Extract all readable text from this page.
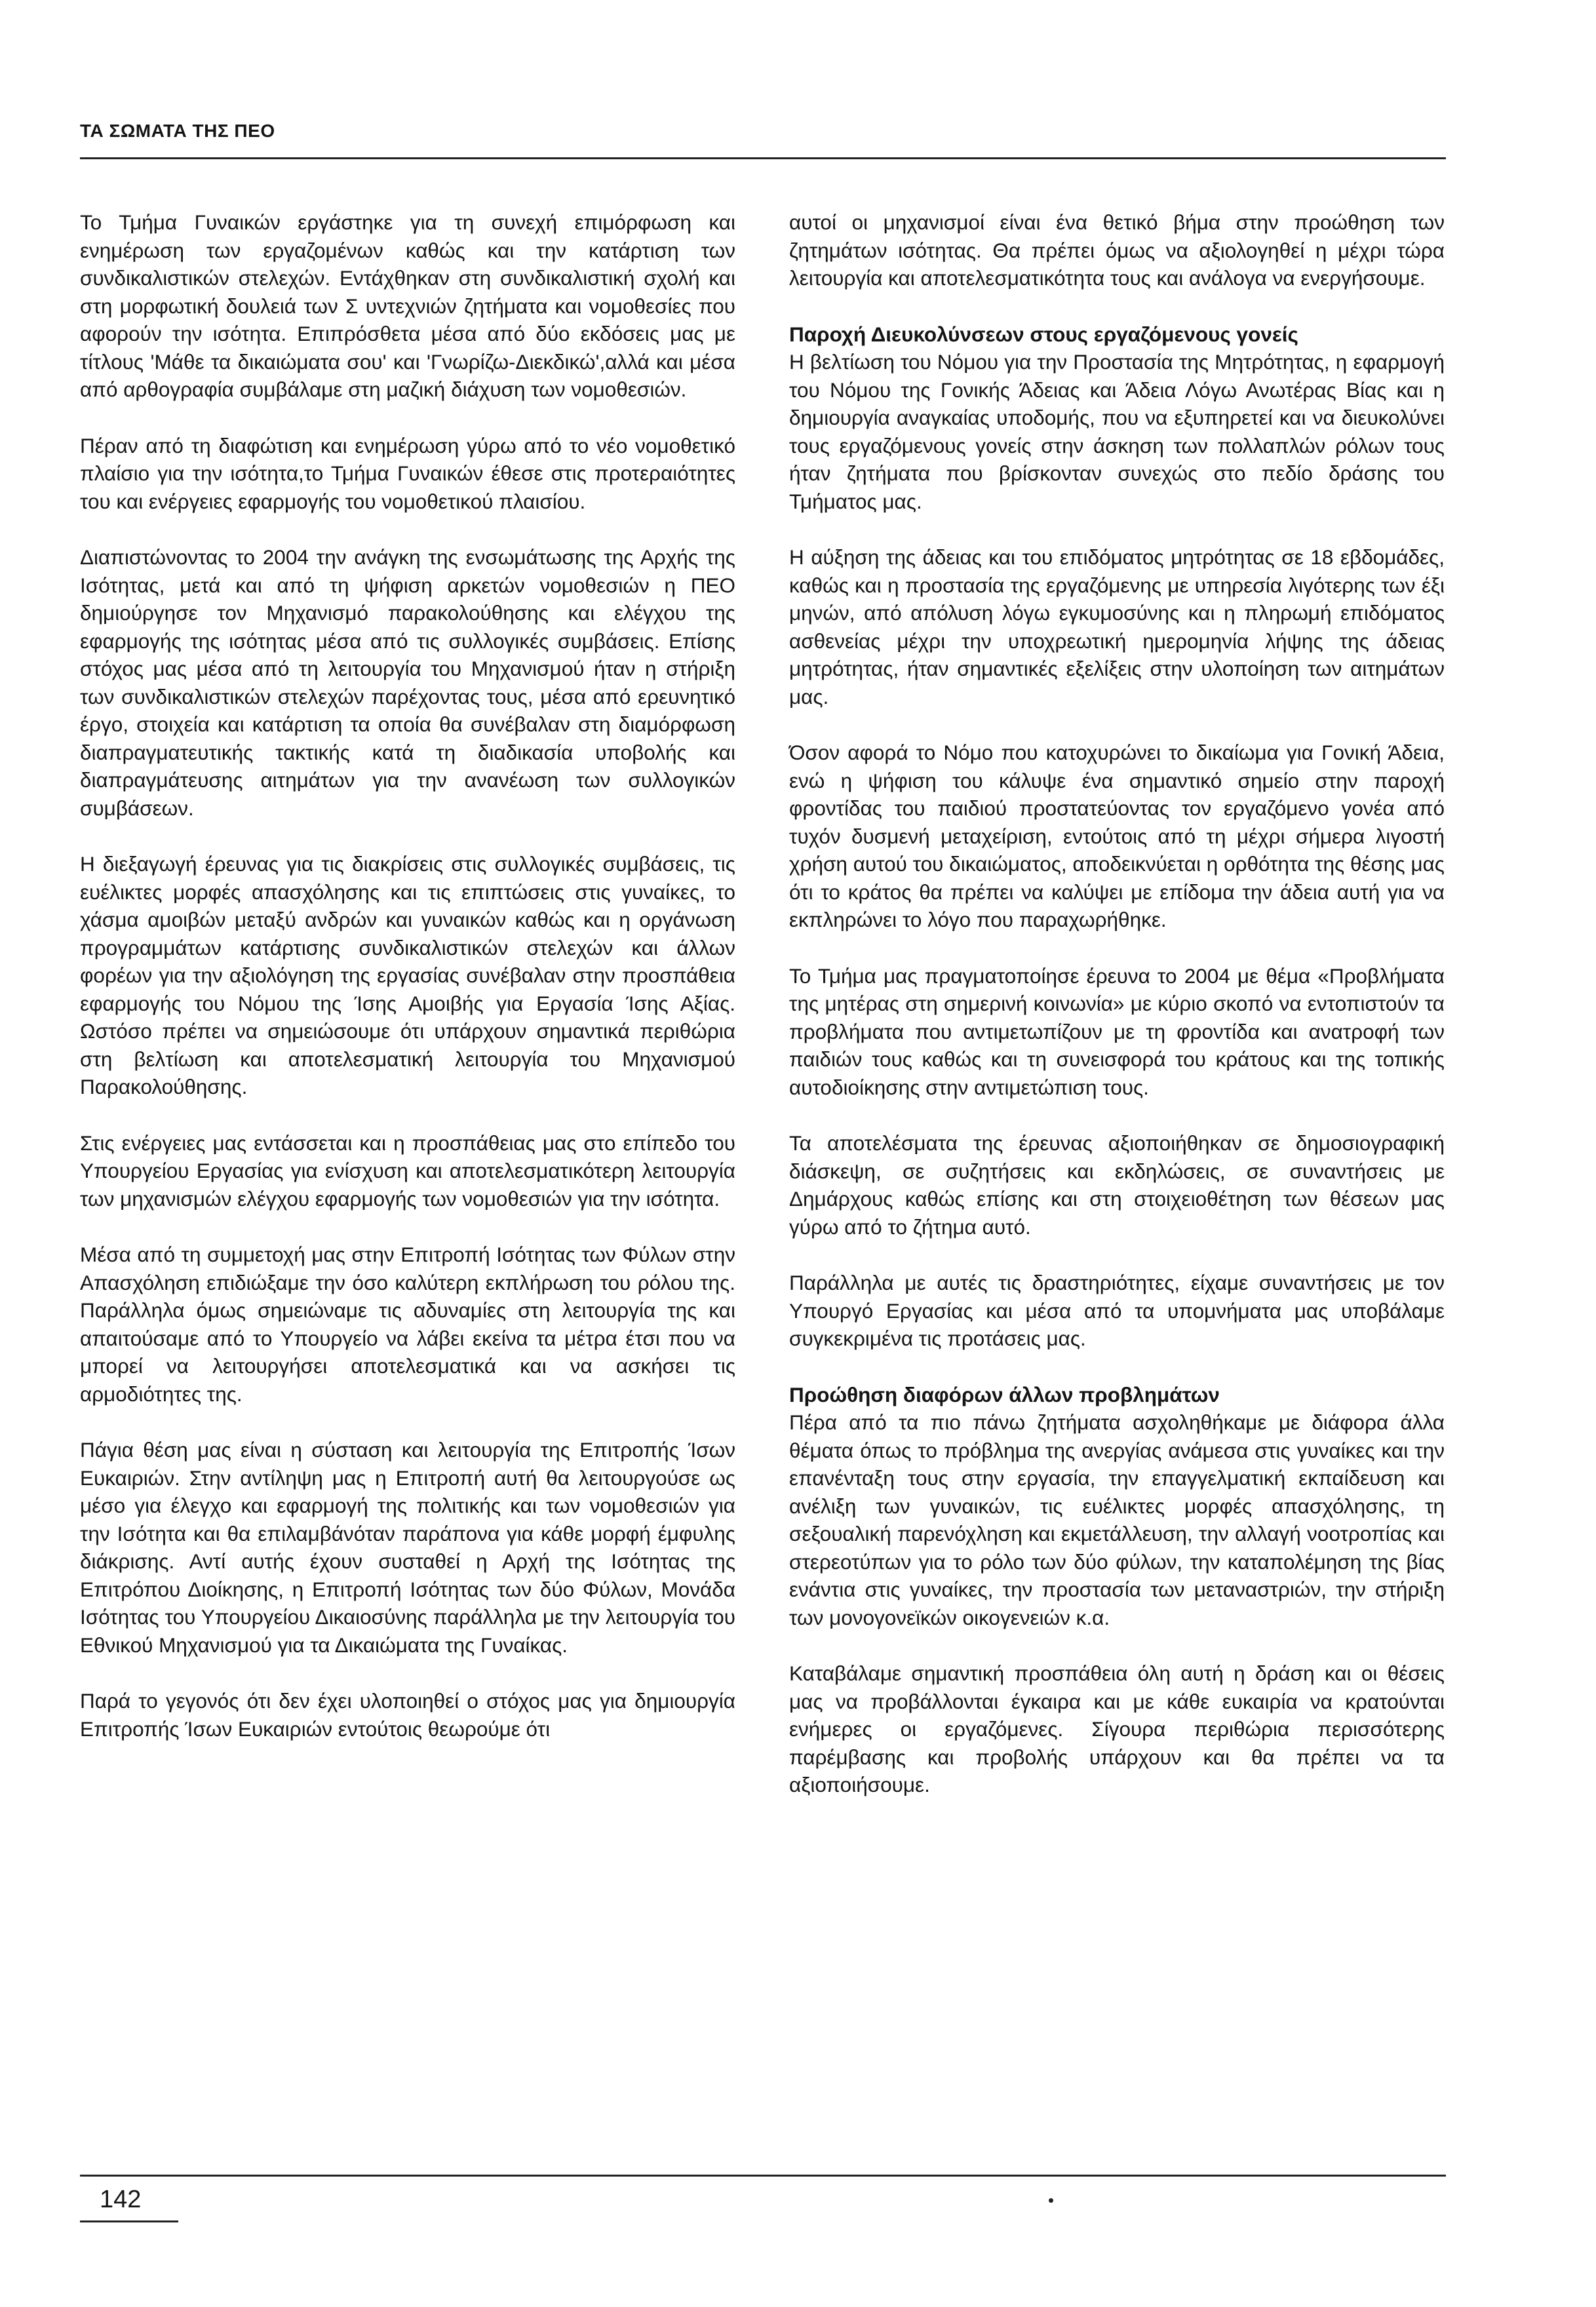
ΤΑ ΣΩΜΑΤΑ ΤΗΣ ΠΕΟ

Το Τμήμα Γυναικών εργάστηκε για τη συνεχή επιμόρφωση και ενημέρωση των εργαζομένων καθώς και την κατάρτιση των συνδικαλιστικών στελεχών. Εντάχθηκαν στη συνδικαλιστική σχολή και στη μορφωτική δουλειά των Σ υντεχνιών ζητήματα και νομοθεσίες που αφορούν την ισότητα. Επιπρόσθετα μέσα από δύο εκδόσεις μας με τίτλους 'Μάθε τα δικαιώματα σου' και 'Γνωρίζω-Διεκδικώ',αλλά και μέσα από αρθογραφία συμβάλαμε στη μαζική διάχυση των νομοθεσιών.

Πέραν από τη διαφώτιση και ενημέρωση γύρω από το νέο νομοθετικό πλαίσιο για την ισότητα,το Τμήμα Γυναικών έθεσε στις προτεραιότητες του και ενέργειες εφαρμογής του νομοθετικού πλαισίου.

Διαπιστώνοντας το 2004 την ανάγκη της ενσωμάτωσης της Αρχής της Ισότητας, μετά και από τη ψήφιση αρκετών νομοθεσιών η ΠΕΟ δημιούργησε τον Μηχανισμό παρακολούθησης και ελέγχου της εφαρμογής της ισότητας μέσα από τις συλλογικές συμβάσεις. Επίσης στόχος μας μέσα από τη λειτουργία του Μηχανισμού ήταν η στήριξη των συνδικαλιστικών στελεχών παρέχοντας τους, μέσα από ερευνητικό έργο, στοιχεία και κατάρτιση τα οποία θα συνέβαλαν στη διαμόρφωση διαπραγματευτικής τακτικής κατά τη διαδικασία υποβολής και διαπραγμάτευσης αιτημάτων για την ανανέωση των συλλογικών συμβάσεων.

Η διεξαγωγή έρευνας για τις διακρίσεις στις συλλογικές συμβάσεις, τις ευέλικτες μορφές απασχόλησης και τις επιπτώσεις στις γυναίκες, το χάσμα αμοιβών μεταξύ ανδρών και γυναικών καθώς και η οργάνωση προγραμμάτων κατάρτισης συνδικαλιστικών στελεχών και άλλων φορέων για την αξιολόγηση της εργασίας συνέβαλαν στην προσπάθεια εφαρμογής του Νόμου της Ίσης Αμοιβής για Εργασία Ίσης Αξίας. Ωστόσο πρέπει να σημειώσουμε ότι υπάρχουν σημαντικά περιθώρια στη βελτίωση και αποτελεσματική λειτουργία του Μηχανισμού Παρακολούθησης.

Στις ενέργειες μας εντάσσεται και η προσπάθειας μας στο επίπεδο του Υπουργείου Εργασίας για ενίσχυση και αποτελεσματικότερη λειτουργία των μηχανισμών ελέγχου εφαρμογής των νομοθεσιών για την ισότητα.

Μέσα από τη συμμετοχή μας στην Επιτροπή Ισότητας των Φύλων στην Απασχόληση επιδιώξαμε την όσο καλύτερη εκπλήρωση του ρόλου της. Παράλληλα όμως σημειώναμε τις αδυναμίες στη λειτουργία της και απαιτούσαμε από το Υπουργείο να λάβει εκείνα τα μέτρα έτσι που να μπορεί να λειτουργήσει αποτελεσματικά και να ασκήσει τις αρμοδιότητες της.

Πάγια θέση μας είναι η σύσταση και λειτουργία της Επιτροπής Ίσων Ευκαιριών. Στην αντίληψη μας η Επιτροπή αυτή θα λειτουργούσε ως μέσο για έλεγχο και εφαρμογή της πολιτικής και των νομοθεσιών για την Ισότητα και θα επιλαμβάνόταν παράπονα για κάθε μορφή έμφυλης διάκρισης. Αντί αυτής έχουν συσταθεί η Αρχή της Ισότητας της Επιτρόπου Διοίκησης, η Επιτροπή Ισότητας των δύο Φύλων, Μονάδα Ισότητας του Υπουργείου Δικαιοσύνης παράλληλα με την λειτουργία του Εθνικού Μηχανισμού για τα Δικαιώματα της Γυναίκας.

Παρά το γεγονός ότι δεν έχει υλοποιηθεί ο στόχος μας για δημιουργία Επιτροπής Ίσων Ευκαιριών εντούτοις θεωρούμε ότι

αυτοί οι μηχανισμοί είναι ένα θετικό βήμα στην προώθηση των ζητημάτων ισότητας. Θα πρέπει όμως να αξιολογηθεί η μέχρι τώρα λειτουργία και αποτελεσματικότητα τους και ανάλογα να ενεργήσουμε.

Παροχή Διευκολύνσεων στους εργαζόμενους γονείς

Η βελτίωση του Νόμου για την Προστασία της Μητρότητας, η εφαρμογή του Νόμου της Γονικής Άδειας και Άδεια Λόγω Ανωτέρας Βίας και η δημιουργία αναγκαίας υποδομής, που να εξυπηρετεί και να διευκολύνει τους εργαζόμενους γονείς στην άσκηση των πολλαπλών ρόλων τους ήταν ζητήματα που βρίσκονταν συνεχώς στο πεδίο δράσης του Τμήματος μας.

Η αύξηση της άδειας και του επιδόματος μητρότητας σε 18 εβδομάδες, καθώς και η προστασία της εργαζόμενης με υπηρεσία λιγότερης των έξι μηνών, από απόλυση λόγω εγκυμοσύνης και η πληρωμή επιδόματος ασθενείας μέχρι την υποχρεωτική ημερομηνία λήψης της άδειας μητρότητας, ήταν σημαντικές εξελίξεις στην υλοποίηση των αιτημάτων μας.

Όσον αφορά το Νόμο που κατοχυρώνει το δικαίωμα για Γονική Άδεια, ενώ η ψήφιση του κάλυψε ένα σημαντικό σημείο στην παροχή φροντίδας του παιδιού προστατεύοντας τον εργαζόμενο γονέα από τυχόν δυσμενή μεταχείριση, εντούτοις από τη μέχρι σήμερα λιγοστή χρήση αυτού του δικαιώματος, αποδεικνύεται η ορθότητα της θέσης μας ότι το κράτος θα πρέπει να καλύψει με επίδομα την άδεια αυτή για να εκπληρώνει το λόγο που παραχωρήθηκε.

Το Τμήμα μας πραγματοποίησε έρευνα το 2004 με θέμα «Προβλήματα της μητέρας στη σημερινή κοινωνία» με κύριο σκοπό να εντοπιστούν τα προβλήματα που αντιμετωπίζουν με τη φροντίδα και ανατροφή των παιδιών τους καθώς και τη συνεισφορά του κράτους και της τοπικής αυτοδιοίκησης στην αντιμετώπιση τους.

Τα αποτελέσματα της έρευνας αξιοποιήθηκαν σε δημοσιογραφική διάσκεψη, σε συζητήσεις και εκδηλώσεις, σε συναντήσεις με Δημάρχους καθώς επίσης και στη στοιχειοθέτηση των θέσεων μας γύρω από το ζήτημα αυτό.

Παράλληλα με αυτές τις δραστηριότητες, είχαμε συναντήσεις με τον Υπουργό Εργασίας και μέσα από τα υπομνήματα μας υποβάλαμε συγκεκριμένα τις προτάσεις μας.

Προώθηση διαφόρων άλλων προβλημάτων

Πέρα από τα πιο πάνω ζητήματα ασχοληθήκαμε με διάφορα άλλα θέματα όπως το πρόβλημα της ανεργίας ανάμεσα στις γυναίκες και την επανένταξη τους στην εργασία, την επαγγελματική εκπαίδευση και ανέλιξη των γυναικών, τις ευέλικτες μορφές απασχόλησης, τη σεξουαλική παρενόχληση και εκμετάλλευση, την αλλαγή νοοτροπίας και στερεοτύπων για το ρόλο των δύο φύλων, την καταπολέμηση της βίας ενάντια στις γυναίκες, την προστασία των μεταναστριών, την στήριξη των μονογονεϊκών οικογενειών κ.α.

Καταβάλαμε σημαντική προσπάθεια όλη αυτή η δράση και οι θέσεις μας να προβάλλονται έγκαιρα και με κάθε ευκαιρία να κρατούνται ενήμερες οι εργαζόμενες. Σίγουρα περιθώρια περισσότερης παρέμβασης και προβολής υπάρχουν και θα πρέπει να τα αξιοποιήσουμε.

142
